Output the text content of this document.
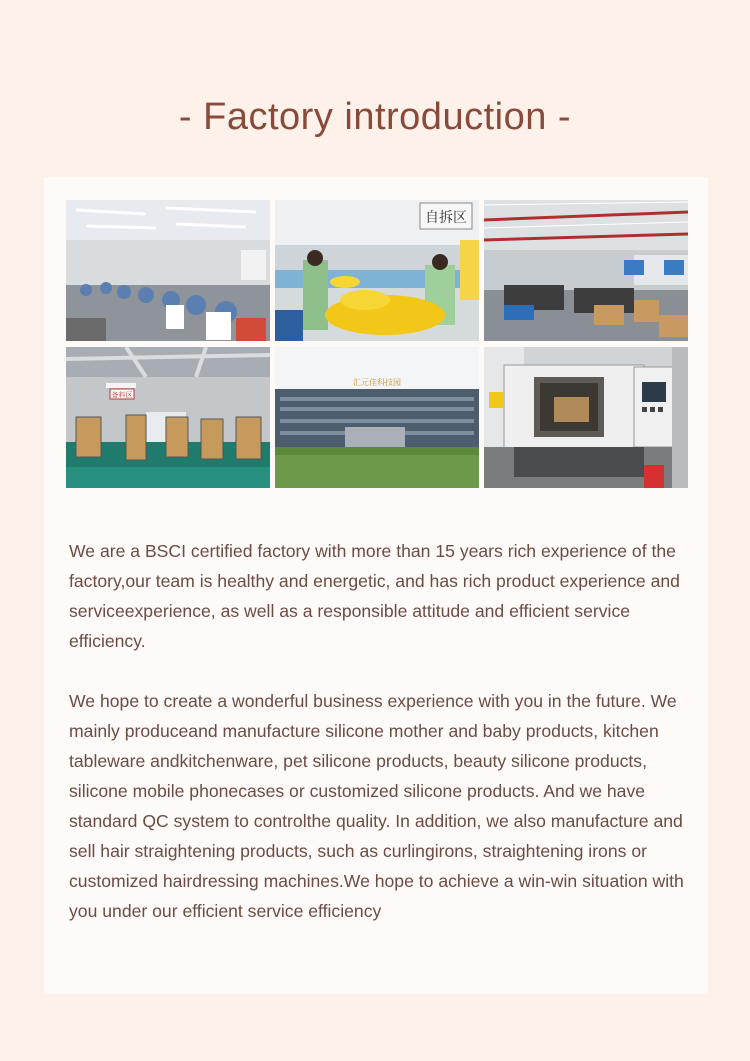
- Factory introduction -
自拆区
备料区
汇元佳科技园
We are a BSCI certified factory with more than 15 years rich experience of the factory,our team is healthy and energetic, and has rich product experience and serviceexperience, as well as a responsible attitude and efficient service efficiency.
We hope to create a wonderful business experience with you in the future. We mainly produceand manufacture silicone mother and baby products, kitchen tableware andkitchenware, pet silicone products, beauty silicone products, silicone mobile phonecases or customized silicone products. And we have standard QC system to controlthe quality. In addition, we also manufacture and sell hair straightening products, such as curlingirons, straightening irons or customized hairdressing machines.We hope to achieve a win-win situation with you under our efficient service efficiency
